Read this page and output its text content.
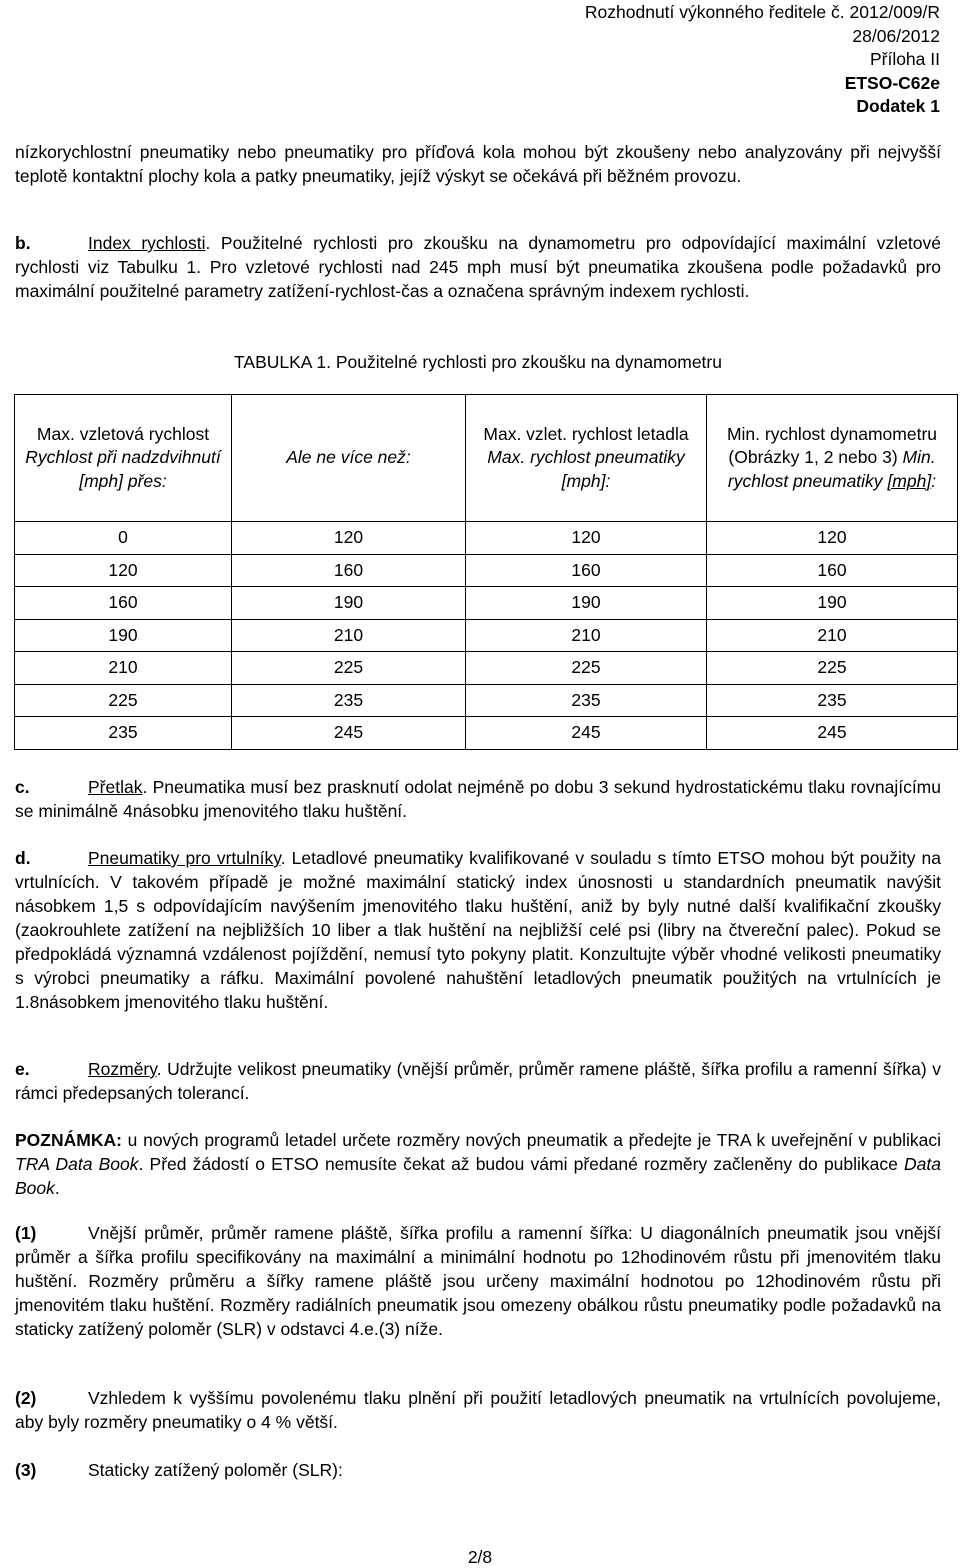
Rozhodnutí výkonného ředitele č. 2012/009/R
28/06/2012
Příloha II
ETSO-C62e
Dodatek 1

nízkorychlostní pneumatiky nebo pneumatiky pro příďová kola mohou být zkoušeny nebo analyzovány při nejvyšší teplotě kontaktní plochy kola a patky pneumatiky, jejíž výskyt se očekává při běžném provozu.

b.	Index rychlosti. Použitelné rychlosti pro zkoušku na dynamometru pro odpovídající maximální vzletové rychlosti viz Tabulku 1. Pro vzletové rychlosti nad 245 mph musí být pneumatika zkoušena podle požadavků pro maximální použitelné parametry zatížení-rychlost-čas a označena správným indexem rychlosti.

TABULKA 1. Použitelné rychlosti pro zkoušku na dynamometru
Max. vzletová rychlost
Rychlost při nadzdvihnutí [mph] přes:	Ale ne více než:	Max. vzlet. rychlost letadla Max. rychlost pneumatiky [mph]:	Min. rychlost dynamometru (Obrázky 1, 2 nebo 3) Min. rychlost pneumatiky [mph]:
0	120	120	120
120	160	160	160
160	190	190	190
190	210	210	210
210	225	225	225
225	235	235	235
235	245	245	245

c.	Přetlak. Pneumatika musí bez prasknutí odolat nejméně po dobu 3 sekund hydrostatickému tlaku rovnajícímu se minimálně 4násobku jmenovitého tlaku huštění.

d.	Pneumatiky pro vrtulníky. Letadlové pneumatiky kvalifikované v souladu s tímto ETSO mohou být použity na vrtulnících. V takovém případě je možné maximální statický index únosnosti u standardních pneumatik navýšit násobkem 1,5 s odpovídajícím navýšením jmenovitého tlaku huštění, aniž by byly nutné další kvalifikační zkoušky (zaokrouhlete zatížení na nejbližších 10 liber a tlak huštění na nejbližší celé psi (libry na čtvereční palec). Pokud se předpokládá významná vzdálenost pojíždění, nemusí tyto pokyny platit. Konzultujte výběr vhodné velikosti pneumatiky s výrobci pneumatiky a ráfku. Maximální povolené nahuštění letadlových pneumatik použitých na vrtulnících je 1.8násobkem jmenovitého tlaku huštění.

e.	Rozměry. Udržujte velikost pneumatiky (vnější průměr, průměr ramene pláště, šířka profilu a ramenní šířka) v rámci předepsaných tolerancí.

POZNÁMKA: u nových programů letadel určete rozměry nových pneumatik a předejte je TRA k uveřejnění v publikaci TRA Data Book. Před žádostí o ETSO nemusíte čekat až budou vámi předané rozměry začleněny do publikace Data Book.

(1)	Vnější průměr, průměr ramene pláště, šířka profilu a ramenní šířka: U diagonálních pneumatik jsou vnější průměr a šířka profilu specifikovány na maximální a minimální hodnotu po 12hodinovém růstu při jmenovitém tlaku huštění. Rozměry průměru a šířky ramene pláště jsou určeny maximální hodnotou po 12hodinovém růstu při jmenovitém tlaku huštění. Rozměry radiálních pneumatik jsou omezeny obálkou růstu pneumatiky podle požadavků na staticky zatížený poloměr (SLR) v odstavci 4.e.(3) níže.

(2)	Vzhledem k vyššímu povolenému tlaku plnění při použití letadlových pneumatik na vrtulnících povolujeme, aby byly rozměry pneumatiky o 4 % větší.

(3)	Staticky zatížený poloměr (SLR):

2/8
